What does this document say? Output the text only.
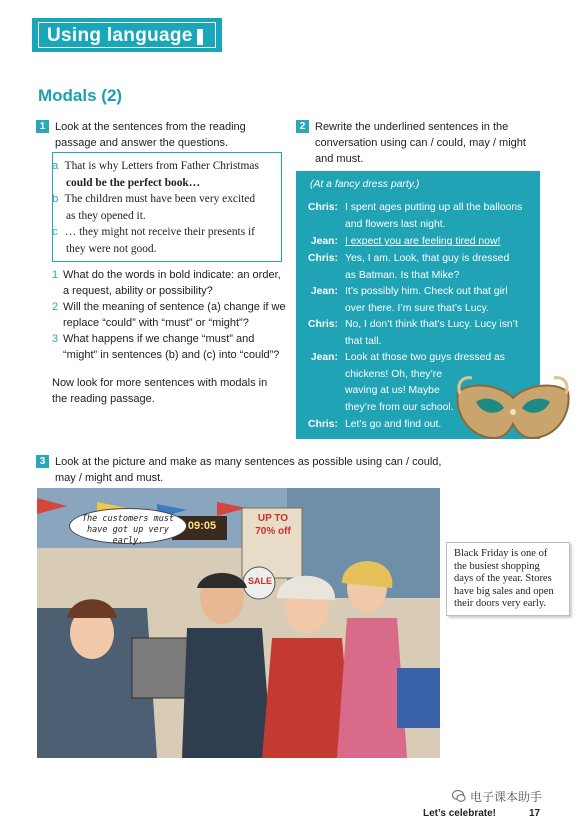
Using language
Modals (2)
1 Look at the sentences from the reading
passage and answer the questions.
a That is why Letters from Father Christmas
could be the perfect book…
b The children must have been very excited
as they opened it.
c … they might not receive their presents if
they were not good.
1 What do the words in bold indicate: an order,
a request, ability or possibility?
2 Will the meaning of sentence (a) change if we
replace “could” with “must” or “might”?
3 What happens if we change “must” and
“might” in sentences (b) and (c) into “could”?
Now look for more sentences with modals in
the reading passage.
2 Rewrite the underlined sentences in the
conversation using can / could, may / might
and must.
(At a fancy dress party.)
Chris: I spent ages putting up all the balloons
and flowers last night.
Jean: I expect you are feeling tired now!
Chris: Yes, I am. Look, that guy is dressed
as Batman. Is that Mike?
Jean: It’s possibly him. Check out that girl
over there. I’m sure that’s Lucy.
Chris: No, I don’t think that’s Lucy. Lucy isn’t
that tall.
Jean: Look at those two guys dressed as
chickens! Oh, they’re
waving at us! Maybe
they’re from our school.
Chris: Let’s go and find out.
3 Look at the picture and make as many sentences as possible using can / could,
may / might and must.
09:05
UP TO
70% off
SALE
The customers must
have got up very early.
Black Friday is one of
the busiest shopping
days of the year. Stores
have big sales and open
their doors very early.
电子课本助手
Let’s celebrate!	17
